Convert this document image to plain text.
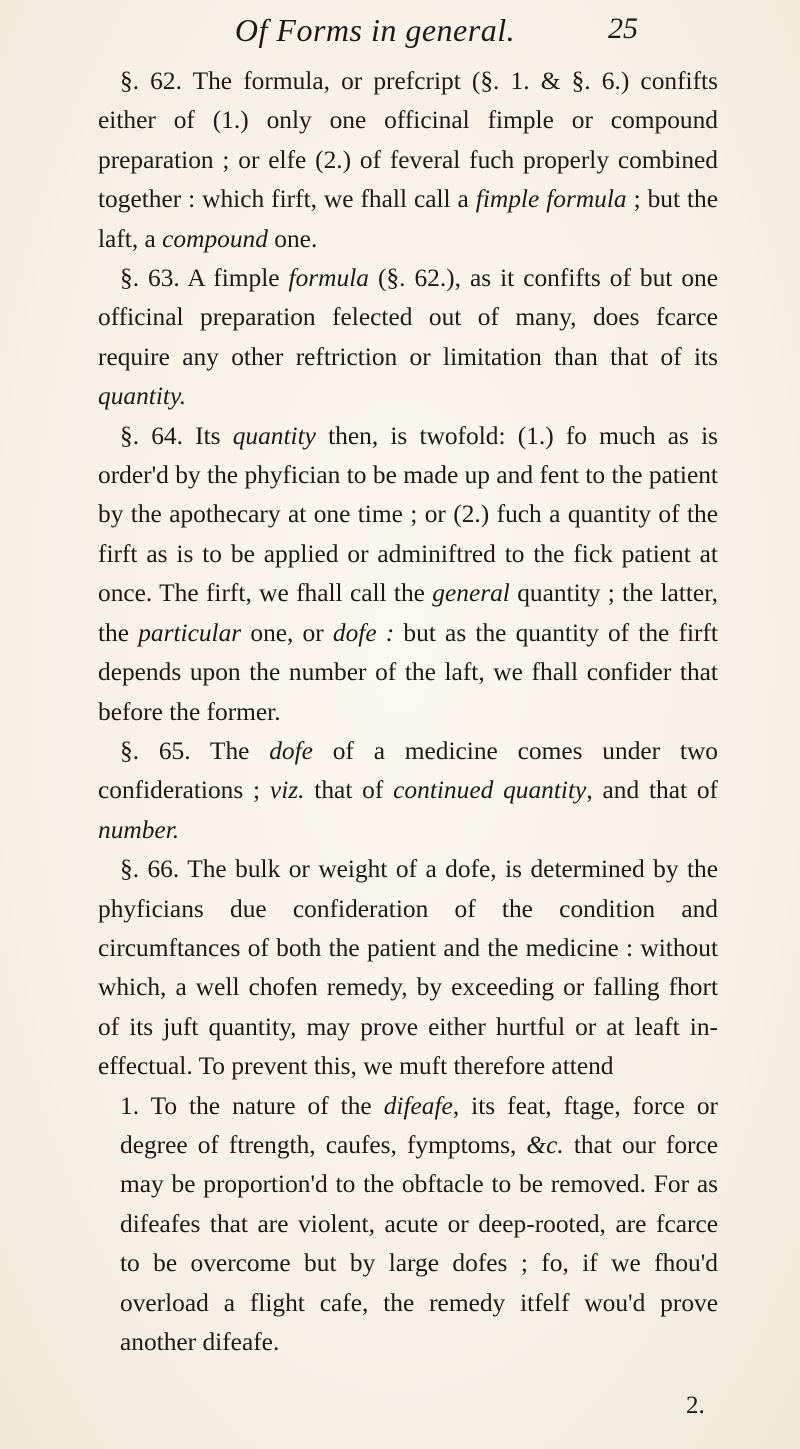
Of Forms in general.	25

§. 62. The formula, or prefcript (§. 1. & §. 6.) confifts either of (1.) only one officinal fimple or compound preparation ; or elfe (2.) of feveral fuch properly combined together : which firft, we fhall call a fimple formula ; but the laft, a compound one.

§. 63. A fimple formula (§. 62.), as it confifts of but one officinal preparation felected out of many, does fcarce require any other reftriction or limitation than that of its quantity.

§. 64. Its quantity then, is twofold: (1.) fo much as is order'd by the phyfician to be made up and fent to the patient by the apothecary at one time ; or (2.) fuch a quantity of the firft as is to be applied or adminiftred to the fick patient at once. The firft, we fhall call the general quantity ; the latter, the particular one, or dofe : but as the quantity of the firft depends upon the number of the laft, we fhall confider that before the former.

§. 65. The dofe of a medicine comes under two confiderations ; viz. that of continued quantity, and that of number.

§. 66. The bulk or weight of a dofe, is determined by the phyficians due confideration of the condition and circumftances of both the patient and the medicine : without which, a well chofen remedy, by exceeding or falling fhort of its juft quantity, may prove either hurtful or at leaft ineffectual. To prevent this, we muft therefore attend

1. To the nature of the difeafe, its feat, ftage, force or degree of ftrength, caufes, fymptoms, &c. that our force may be proportion'd to the obftacle to be removed. For as difeafes that are violent, acute or deep-rooted, are fcarce to be overcome but by large dofes ; fo, if we fhou'd overload a flight cafe, the remedy itfelf wou'd prove another difeafe.

2.
